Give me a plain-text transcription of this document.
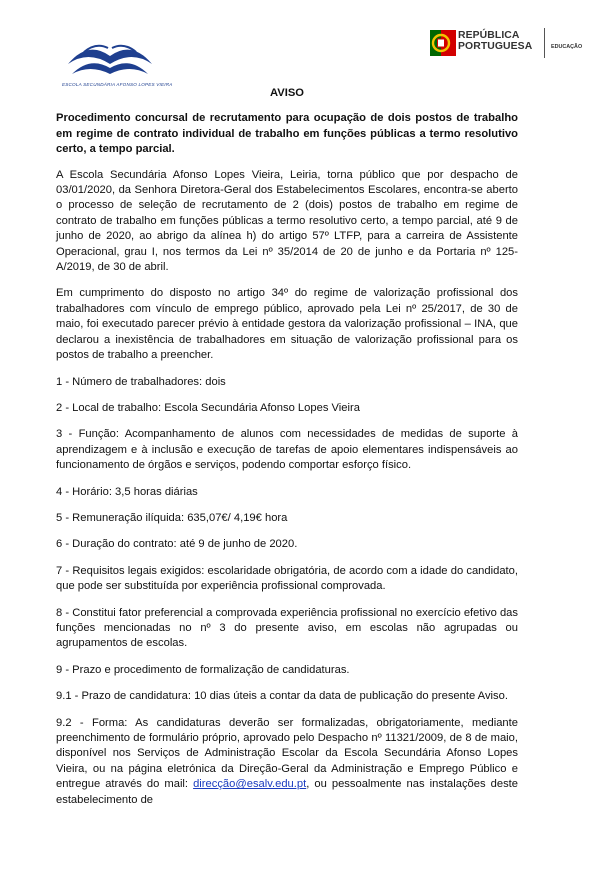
ESCOLA SECUNDÁRIA AFONSO LOPES VIEIRA
REPÚBLICA
PORTUGUESA	EDUCAÇÃO
AVISO

Procedimento concursal de recrutamento para ocupação de dois postos de trabalho em regime de contrato individual de trabalho em funções públicas a termo resolutivo certo, a tempo parcial.

A Escola Secundária Afonso Lopes Vieira, Leiria, torna público que por despacho de 03/01/2020, da Senhora Diretora-Geral dos Estabelecimentos Escolares, encontra-se aberto o processo de seleção de recrutamento de 2 (dois) postos de trabalho em regime de contrato de trabalho em funções públicas a termo resolutivo certo, a tempo parcial, até 9 de junho de 2020, ao abrigo da alínea h) do artigo 57º LTFP, para a carreira de Assistente Operacional, grau I, nos termos da Lei nº 35/2014 de 20 de junho e da Portaria nº 125-A/2019, de 30 de abril.

Em cumprimento do disposto no artigo 34º do regime de valorização profissional dos trabalhadores com vínculo de emprego público, aprovado pela Lei nº 25/2017, de 30 de maio, foi executado parecer prévio à entidade gestora da valorização profissional – INA, que declarou a inexistência de trabalhadores em situação de valorização profissional para os postos de trabalho a preencher.

1 - Número de trabalhadores: dois
2 - Local de trabalho: Escola Secundária Afonso Lopes Vieira
3 - Função: Acompanhamento de alunos com necessidades de medidas de suporte à aprendizagem e à inclusão e execução de tarefas de apoio elementares indispensáveis ao funcionamento de órgãos e serviços, podendo comportar esforço físico.
4 - Horário: 3,5 horas diárias
5 - Remuneração ilíquida: 635,07€/ 4,19€ hora
6 - Duração do contrato: até 9 de junho de 2020.
7 - Requisitos legais exigidos: escolaridade obrigatória, de acordo com a idade do candidato, que pode ser substituída por experiência profissional comprovada.
8 - Constitui fator preferencial a comprovada experiência profissional no exercício efetivo das funções mencionadas no nº 3 do presente aviso, em escolas não agrupadas ou agrupamentos de escolas.
9 - Prazo e procedimento de formalização de candidaturas.
9.1 - Prazo de candidatura: 10 dias úteis a contar da data de publicação do presente Aviso.
9.2 - Forma: As candidaturas deverão ser formalizadas, obrigatoriamente, mediante preenchimento de formulário próprio, aprovado pelo Despacho nº 11321/2009, de 8 de maio, disponível nos Serviços de Administração Escolar da Escola Secundária Afonso Lopes Vieira, ou na página eletrónica da Direção-Geral da Administração e Emprego Público e entregue através do mail: direcção@esalv.edu.pt, ou pessoalmente nas instalações deste estabelecimento de
